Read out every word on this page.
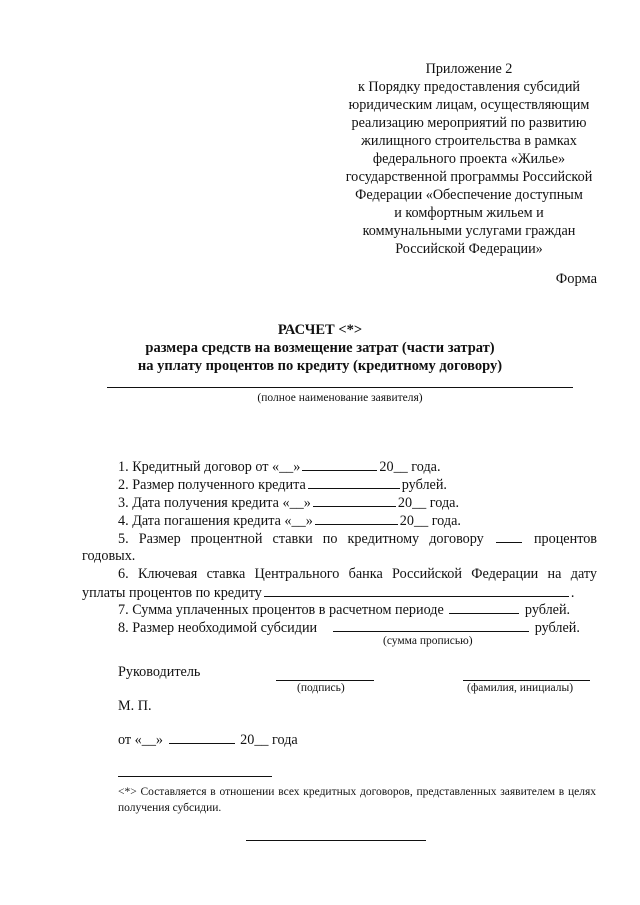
Приложение 2
к Порядку предоставления субсидий
юридическим лицам, осуществляющим
реализацию мероприятий по развитию
жилищного строительства в рамках
федерального проекта «Жилье»
государственной программы Российской
Федерации «Обеспечение доступным
и комфортным жильем и
коммунальными услугами граждан
Российской Федерации»
Форма
РАСЧЕТ <*>
размера средств на возмещение затрат (части затрат)
на уплату процентов по кредиту (кредитному договору)
(полное наименование заявителя)
1. Кредитный договор от «__»	20__ года.
2. Размер полученного кредита	рублей.
3. Дата получения кредита «__»	20__ года.
4. Дата погашения кредита «__»	20__ года.
5. Размер процентной ставки по кредитному договору	процентов
годовых.
6. Ключевая ставка Центрального банка Российской Федерации на дату
уплаты процентов по кредиту	.
7. Сумма уплаченных процентов в расчетном периоде	рублей.
8. Размер необходимой субсидии	рублей.
(сумма прописью)
Руководитель
(подпись)	(фамилия, инициалы)
М. П.
от «__»	20__ года
<*> Составляется в отношении всех кредитных договоров, представленных заявителем в целях получения субсидии.
